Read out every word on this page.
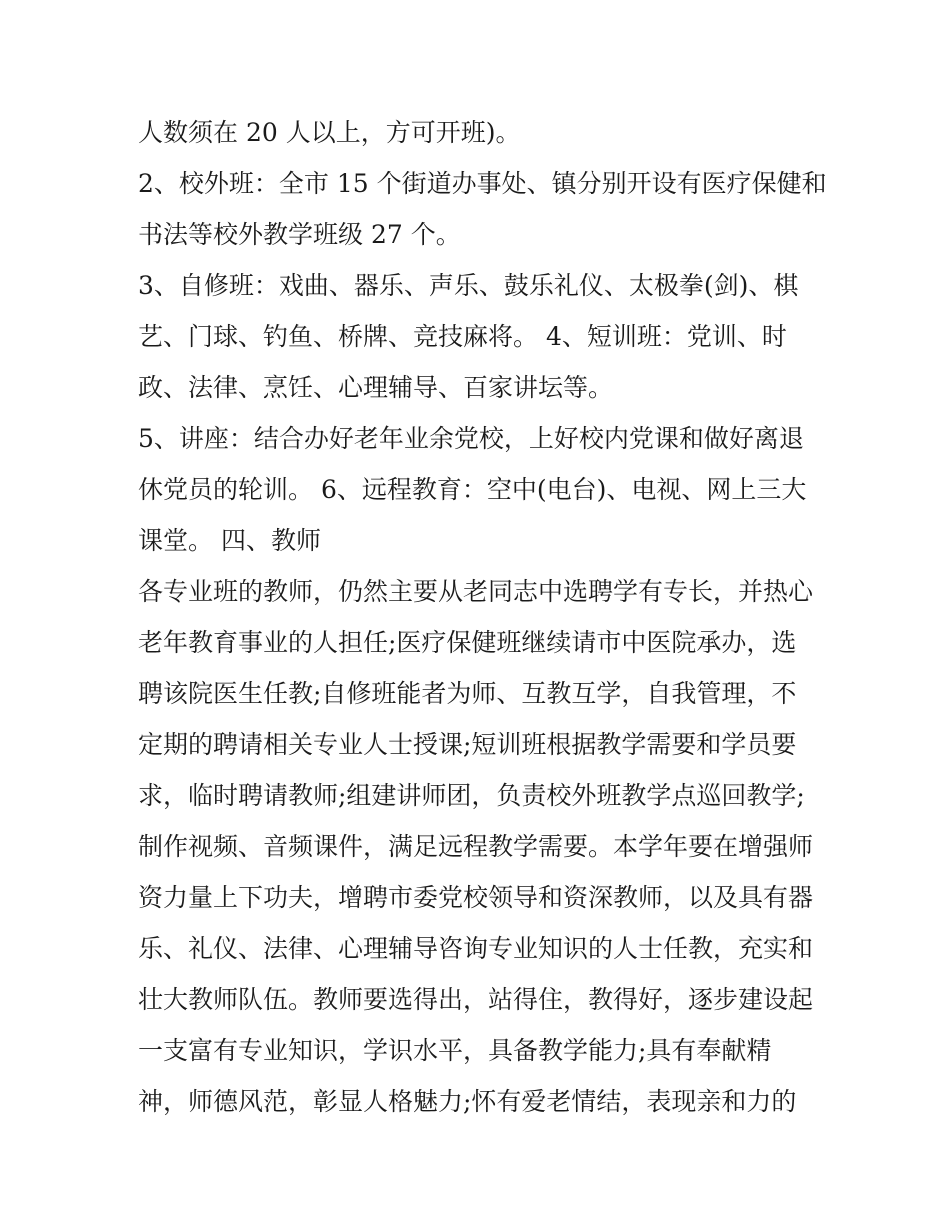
人数须在 20 人以上，方可开班)。
2、校外班：全市 15 个街道办事处、镇分别开设有医疗保健和
书法等校外教学班级 27 个。
3、自修班：戏曲、器乐、声乐、鼓乐礼仪、太极拳(剑)、棋
艺、门球、钓鱼、桥牌、竞技麻将。 4、短训班：党训、时
政、法律、烹饪、心理辅导、百家讲坛等。
5、讲座：结合办好老年业余党校，上好校内党课和做好离退
休党员的轮训。 6、远程教育：空中(电台)、电视、网上三大
课堂。 四、教师
各专业班的教师，仍然主要从老同志中选聘学有专长，并热心
老年教育事业的人担任;医疗保健班继续请市中医院承办，选
聘该院医生任教;自修班能者为师、互教互学，自我管理，不
定期的聘请相关专业人士授课;短训班根据教学需要和学员要
求，临时聘请教师;组建讲师团，负责校外班教学点巡回教学;
制作视频、音频课件，满足远程教学需要。本学年要在增强师
资力量上下功夫，增聘市委党校领导和资深教师，以及具有器
乐、礼仪、法律、心理辅导咨询专业知识的人士任教，充实和
壮大教师队伍。教师要选得出，站得住，教得好，逐步建设起
一支富有专业知识，学识水平，具备教学能力;具有奉献精
神，师德风范，彰显人格魅力;怀有爱老情结，表现亲和力的
